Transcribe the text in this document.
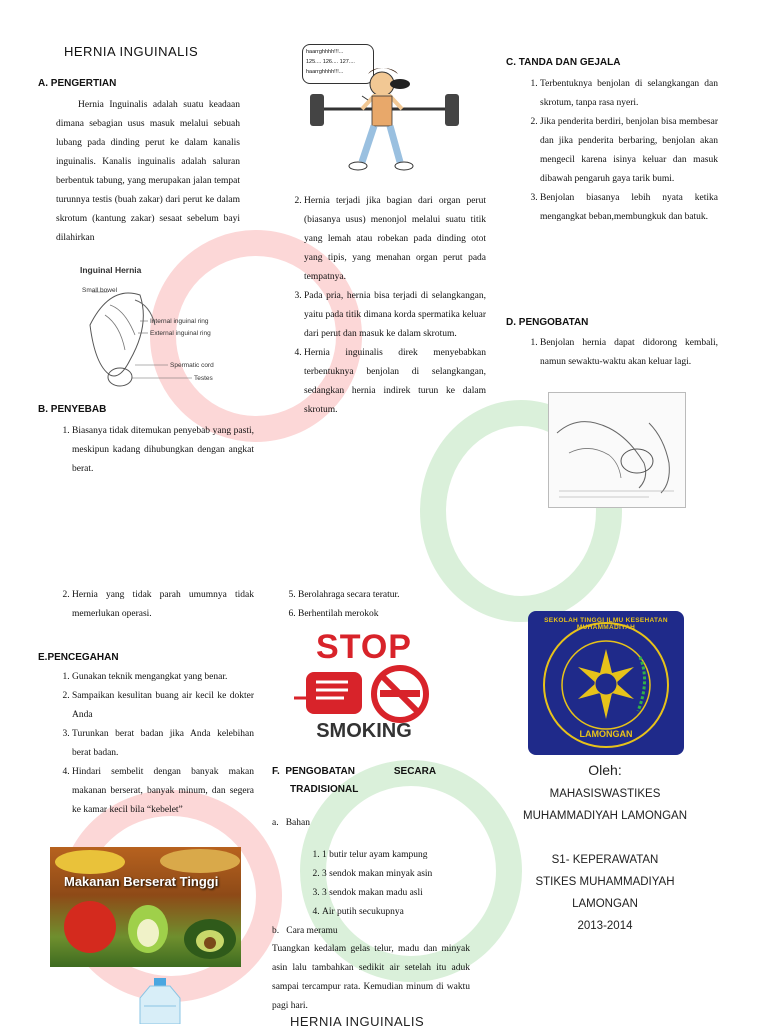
HERNIA INGUINALIS
A. PENGERTIAN
Hernia Inguinalis adalah suatu keadaan dimana sebagian usus masuk melalui sebuah lubang pada dinding perut ke dalam kanalis inguinalis. Kanalis inguinalis adalah saluran berbentuk tabung, yang merupakan jalan tempat turunnya testis (buah zakar) dari perut ke dalam skrotum (kantung zakar) sesaat sebelum bayi dilahirkan
Inguinal Hernia
Small bowel
Internal inguinal ring
External inguinal ring
Spermatic cord
Testes
B. PENYEBAB
1. Biasanya tidak ditemukan penyebab yang pasti, meskipun kadang dihubungkan dengan angkat berat.
haarrghhhh!!!...
125.... 126.... 127....
haarrghhhh!!!...
2. Hernia terjadi jika bagian dari organ perut (biasanya usus) menonjol melalui suatu titik yang lemah atau robekan pada dinding otot yang tipis, yang menahan organ perut pada tempatnya.
3. Pada pria, hernia bisa terjadi di selangkangan, yaitu pada titik dimana korda spermatika keluar dari perut dan masuk ke dalam skrotum.
4. Hernia inguinalis direk menyebabkan terbentuknya benjolan di selangkangan, sedangkan hernia indirek turun ke dalam skrotum.
C. TANDA DAN GEJALA
1. Terbentuknya benjolan di selangkangan dan skrotum, tanpa rasa nyeri.
2. Jika penderita berdiri, benjolan bisa membesar dan jika penderita berbaring, benjolan akan mengecil karena isinya keluar dan masuk dibawah pengaruh gaya tarik bumi.
3. Benjolan biasanya lebih nyata ketika mengangkat beban,membungkuk dan batuk.
D. PENGOBATAN
1. Benjolan hernia dapat didorong kembali, namun sewaktu-waktu akan keluar lagi.
2. Hernia yang tidak parah umumnya tidak memerlukan operasi.
E.PENCEGAHAN
1. Gunakan teknik mengangkat yang benar.
2. Sampaikan kesulitan buang air kecil ke dokter Anda
3. Turunkan berat badan jika Anda kelebihan berat badan.
4. Hindari sembelit dengan banyak makan makanan berserat, banyak minum, dan segera ke kamar kecil bila “kebelet”
Makanan Berserat Tinggi
5. Berolahraga secara teratur.
6. Berhentilah merokok
STOP
SMOKING
F.  PENGOBATAN              SECARA
TRADISIONAL
a.   Bahan
1. 1 butir telur ayam kampung
2. 3 sendok makan minyak asin
3. 3 sendok makan madu asli
4. Air putih secukupnya
b.   Cara meramu
Tuangkan kedalam gelas telur, madu dan minyak asin lalu tambahkan sedikit air setelah itu aduk sampai tercampur rata. Kemudian minum di waktu pagi hari.
HERNIA INGUINALIS
SEKOLAH TINGGI ILMU KESEHATAN MUHAMMADIYAH
LAMONGAN
Oleh:
MAHASISWASTIKES
MUHAMMADIYAH LAMONGAN
S1- KEPERAWATAN
STIKES MUHAMMADIYAH
LAMONGAN
2013-2014
